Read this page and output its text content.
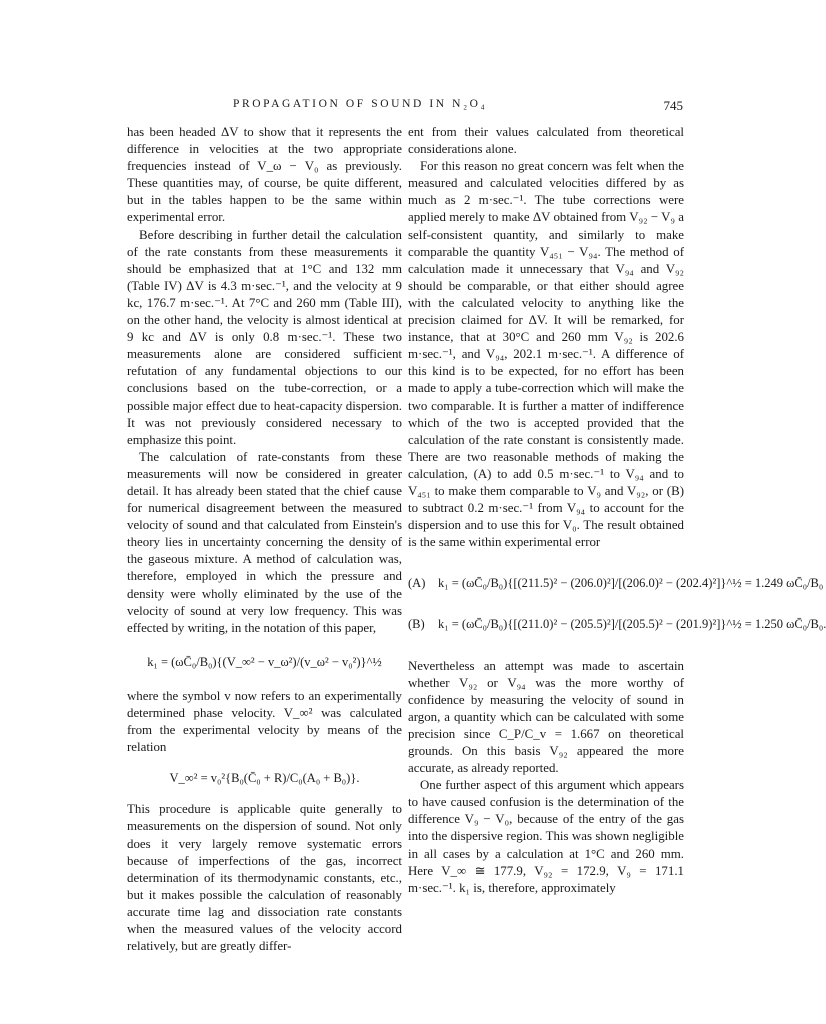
PROPAGATION OF SOUND IN N₂O₄	745

has been headed ΔV to show that it represents the difference in velocities at the two appropriate frequencies instead of V_ω − V₀ as previously. These quantities may, of course, be quite different, but in the tables happen to be the same within experimental error.

Before describing in further detail the calculation of the rate constants from these measurements it should be emphasized that at 1°C and 132 mm (Table IV) ΔV is 4.3 m·sec.⁻¹, and the velocity at 9 kc, 176.7 m·sec.⁻¹. At 7°C and 260 mm (Table III), on the other hand, the velocity is almost identical at 9 kc and ΔV is only 0.8 m·sec.⁻¹. These two measurements alone are considered sufficient refutation of any fundamental objections to our conclusions based on the tube-correction, or a possible major effect due to heat-capacity dispersion. It was not previously considered necessary to emphasize this point.

The calculation of rate-constants from these measurements will now be considered in greater detail. It has already been stated that the chief cause for numerical disagreement between the measured velocity of sound and that calculated from Einstein's theory lies in uncertainty concerning the density of the gaseous mixture. A method of calculation was, therefore, employed in which the pressure and density were wholly eliminated by the use of the velocity of sound at very low frequency. This was effected by writing, in the notation of this paper,

k₁ = (ωC̄₀/B₀){(V_∞² − v_ω²)/(v_ω² − v₀²)}^½

where the symbol v now refers to an experimentally determined phase velocity. V_∞² was calculated from the experimental velocity by means of the relation

V_∞² = v₀²{B₀(C̄₀ + R)/C₀(A₀ + B₀)}.

This procedure is applicable quite generally to measurements on the dispersion of sound. Not only does it very largely remove systematic errors because of imperfections of the gas, incorrect determination of its thermodynamic constants, etc., but it makes possible the calculation of reasonably accurate time lag and dissociation rate constants when the measured values of the velocity accord relatively, but are greatly differ-

ent from their values calculated from theoretical considerations alone.

For this reason no great concern was felt when the measured and calculated velocities differed by as much as 2 m·sec.⁻¹. The tube corrections were applied merely to make ΔV obtained from V₉₂ − V₉ a self-consistent quantity, and similarly to make comparable the quantity V₄₅₁ − V₉₄. The method of calculation made it unnecessary that V₉₄ and V₉₂ should be comparable, or that either should agree with the calculated velocity to anything like the precision claimed for ΔV. It will be remarked, for instance, that at 30°C and 260 mm V₉₂ is 202.6 m·sec.⁻¹, and V₉₄, 202.1 m·sec.⁻¹. A difference of this kind is to be expected, for no effort has been made to apply a tube-correction which will make the two comparable. It is further a matter of indifference which of the two is accepted provided that the calculation of the rate constant is consistently made. There are two reasonable methods of making the calculation, (A) to add 0.5 m·sec.⁻¹ to V₉₄ and to V₄₅₁ to make them comparable to V₉ and V₉₂, or (B) to subtract 0.2 m·sec.⁻¹ from V₉₄ to account for the dispersion and to use this for V₀. The result obtained is the same within experimental error

(A) k₁ = (ωC̄₀/B₀){[(211.5)² − (206.0)²]/[(206.0)² − (202.4)²]}^½ = 1.249 ωC̄₀/B₀
(B) k₁ = (ωC̄₀/B₀){[(211.0)² − (205.5)²]/[(205.5)² − (201.9)²]}^½ = 1.250 ωC̄₀/B₀.

Nevertheless an attempt was made to ascertain whether V₉₂ or V₉₄ was the more worthy of confidence by measuring the velocity of sound in argon, a quantity which can be calculated with some precision since C_P/C_v = 1.667 on theoretical grounds. On this basis V₉₂ appeared the more accurate, as already reported.

One further aspect of this argument which appears to have caused confusion is the determination of the difference V₉ − V₀, because of the entry of the gas into the dispersive region. This was shown negligible in all cases by a calculation at 1°C and 260 mm. Here V_∞ ≅ 177.9, V₉₂ = 172.9, V₉ = 171.1 m·sec.⁻¹. k₁ is, therefore, approximately
